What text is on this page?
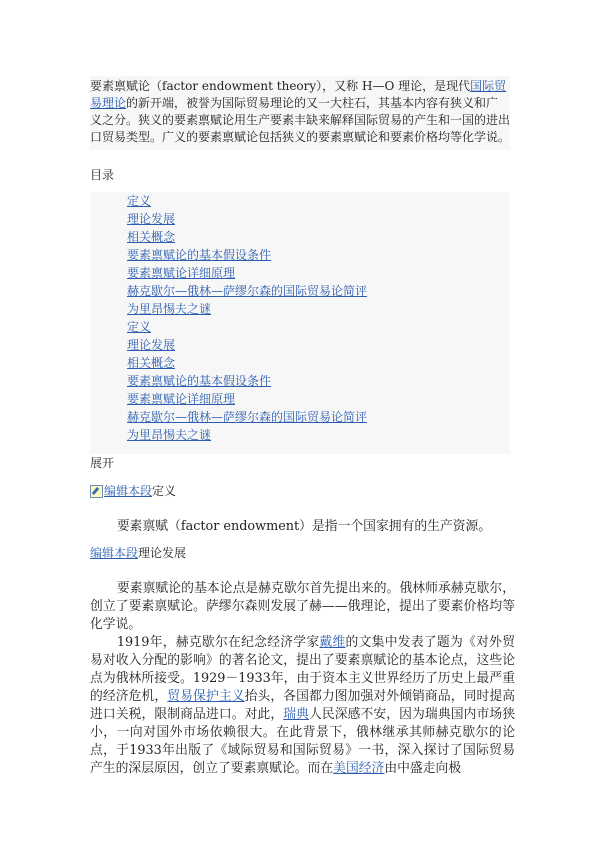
要素禀赋论（factor endowment theory），又称 H—O 理论，是现代国际贸易理论的新开端，被誉为国际贸易理论的又一大柱石，其基本内容有狭义和广义之分。狭义的要素禀赋论用生产要素丰缺来解释国际贸易的产生和一国的进出口贸易类型。广义的要素禀赋论包括狭义的要素禀赋论和要素价格均等化学说。

目录
定义
理论发展
相关概念
要素禀赋论的基本假设条件
要素禀赋论详细原理
赫克歇尔—俄林—萨缪尔森的国际贸易论简评
为里昂惕夫之谜
定义
理论发展
相关概念
要素禀赋论的基本假设条件
要素禀赋论详细原理
赫克歇尔—俄林—萨缪尔森的国际贸易论简评
为里昂惕夫之谜
展开
编辑本段 定义

要素禀赋（factor endowment）是指一个国家拥有的生产资源。

编辑本段 理论发展

要素禀赋论的基本论点是赫克歇尔首先提出来的。俄林师承赫克歇尔，创立了要素禀赋论。萨缪尔森则发展了赫——俄理论，提出了要素价格均等化学说。

1919年，赫克歇尔在纪念经济学家戴维的文集中发表了题为《对外贸易对收入分配的影响》的著名论文，提出了要素禀赋论的基本论点，这些论点为俄林所接受。1929－1933年，由于资本主义世界经历了历史上最严重的经济危机，贸易保护主义抬头，各国都力图加强对外倾销商品，同时提高进口关税，限制商品进口。对此，瑞典人民深感不安，因为瑞典国内市场狭小，一向对国外市场依赖很大。在此背景下，俄林继承其师赫克歇尔的论点，于1933年出版了《域际贸易和国际贸易》一书，深入探讨了国际贸易产生的深层原因，创立了要素禀赋论。而在美国经济由中盛走向极
